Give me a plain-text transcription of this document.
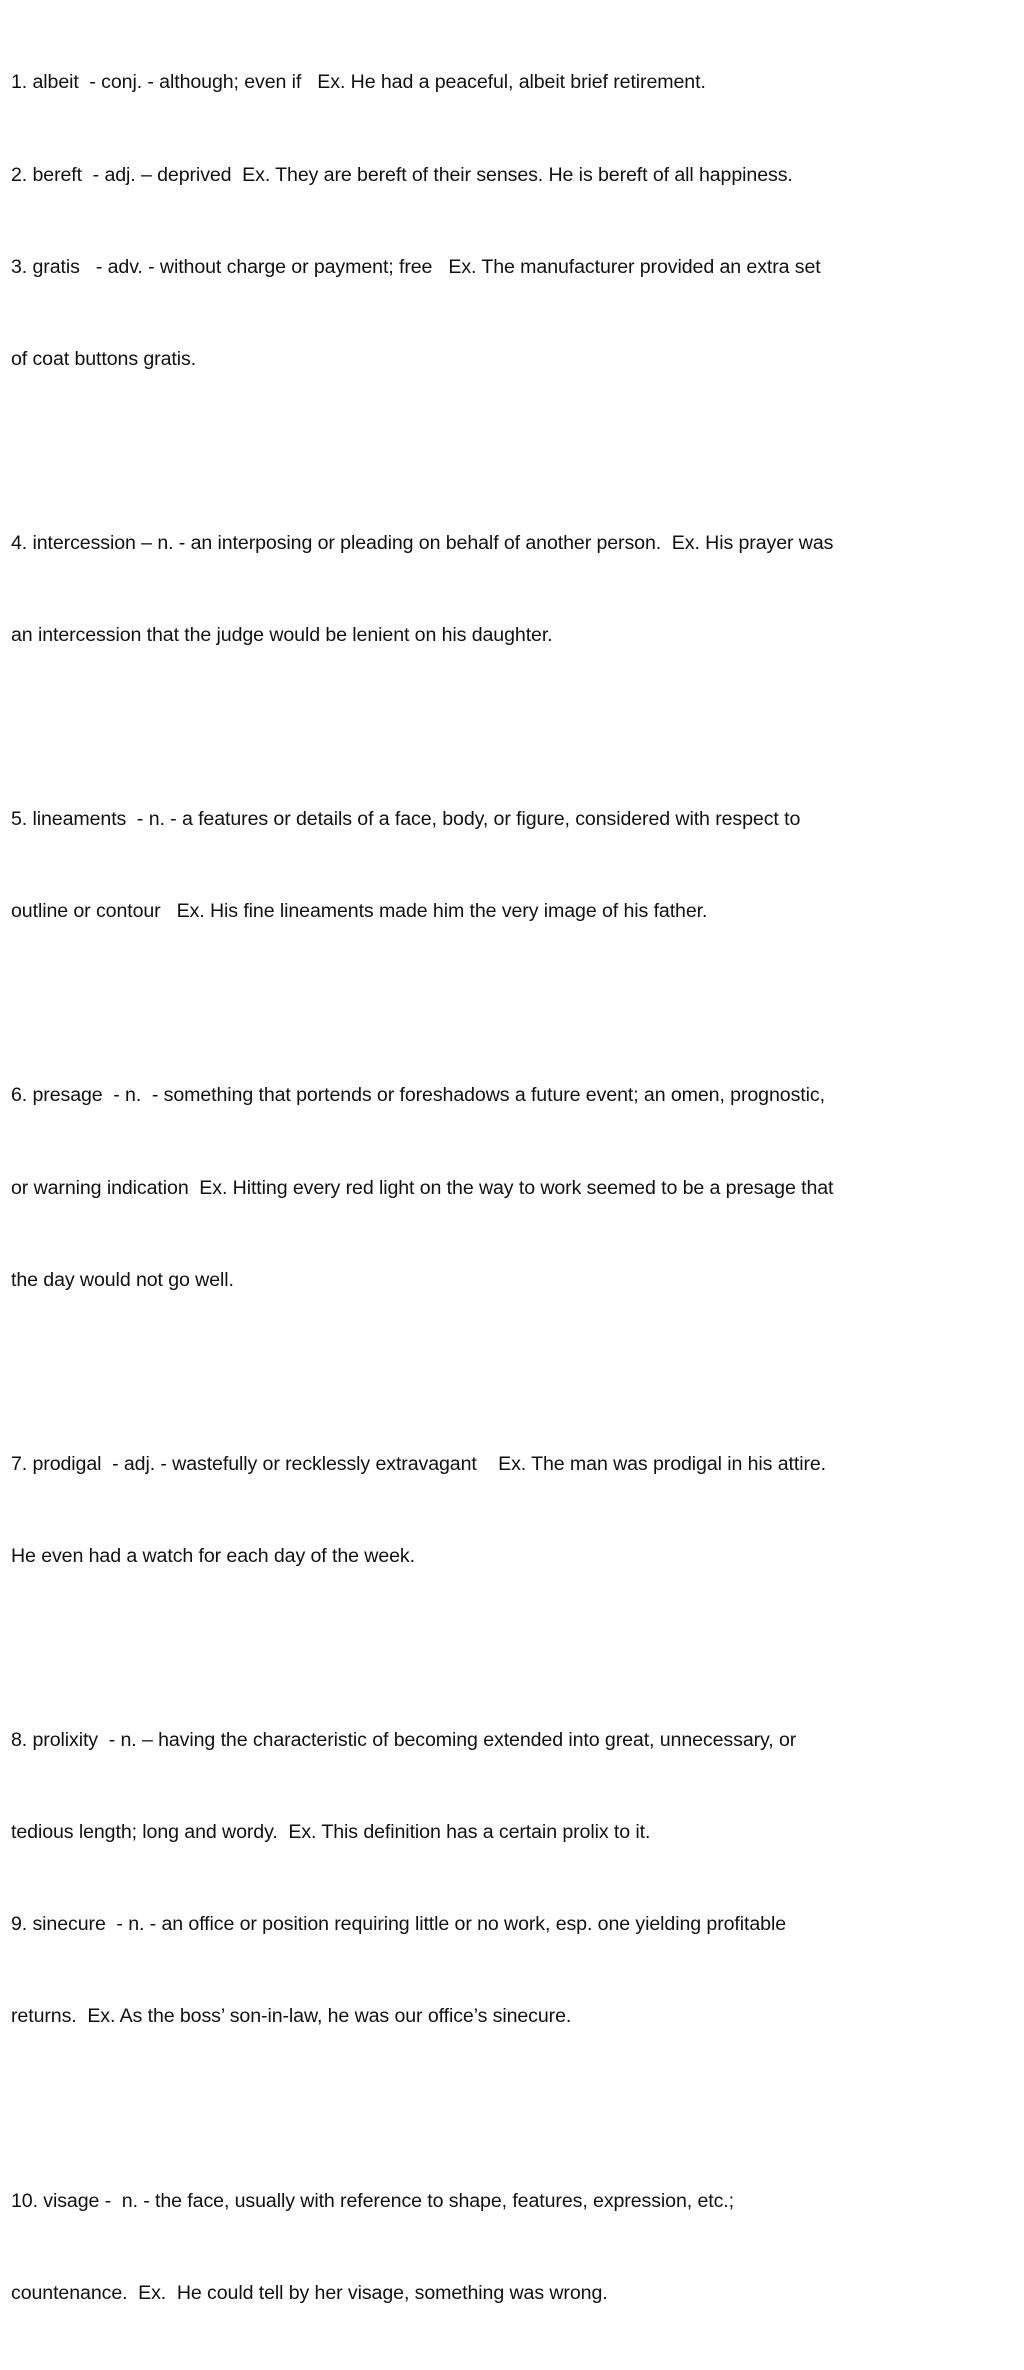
1. albeit  - conj. - although; even if   Ex. He had a peaceful, albeit brief retirement.

2. bereft  - adj. – deprived  Ex. They are bereft of their senses. He is bereft of all happiness.

3. gratis   - adv. - without charge or payment; free   Ex. The manufacturer provided an extra set

of coat buttons gratis.

4. intercession – n. - an interposing or pleading on behalf of another person.  Ex. His prayer was

an intercession that the judge would be lenient on his daughter.

5. lineaments  - n. - a features or details of a face, body, or figure, considered with respect to

outline or contour   Ex. His fine lineaments made him the very image of his father.

6. presage  - n.  - something that portends or foreshadows a future event; an omen, prognostic,

or warning indication  Ex. Hitting every red light on the way to work seemed to be a presage that

the day would not go well.

7. prodigal  - adj. - wastefully or recklessly extravagant    Ex. The man was prodigal in his attire.

He even had a watch for each day of the week.

8. prolixity  - n. – having the characteristic of becoming extended into great, unnecessary, or

tedious length; long and wordy.  Ex. This definition has a certain prolix to it.

9. sinecure  - n. - an office or position requiring little or no work, esp. one yielding profitable

returns.  Ex. As the boss’ son-in-law, he was our office’s sinecure.

10. visage -  n. - the face, usually with reference to shape, features, expression, etc.;

countenance.  Ex.  He could tell by her visage, something was wrong.
